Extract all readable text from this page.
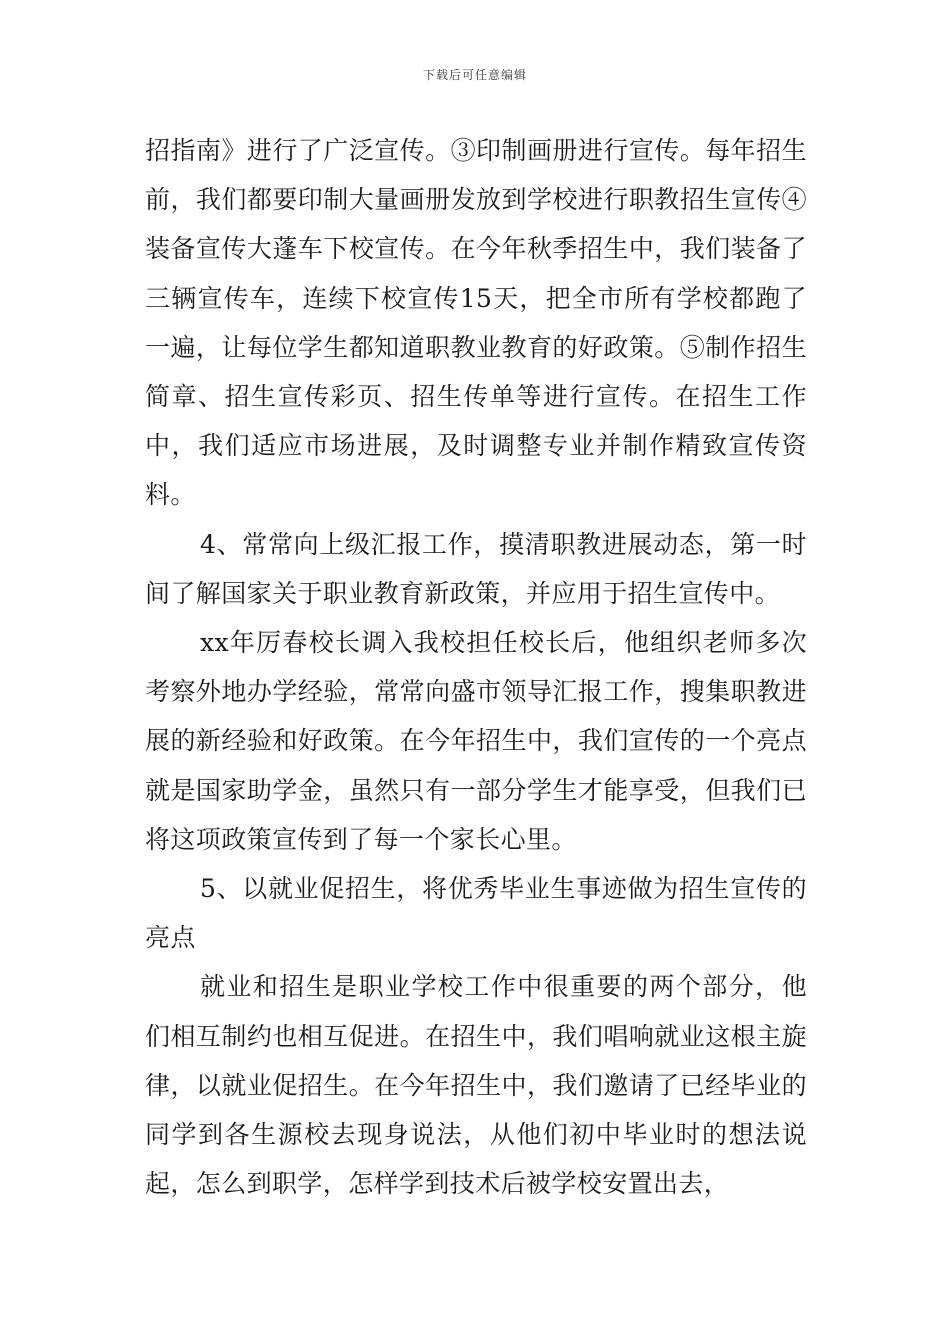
下载后可任意编辑

招指南》进行了广泛宣传。③印制画册进行宣传。每年招生前，我们都要印制大量画册发放到学校进行职教招生宣传④装备宣传大蓬车下校宣传。在今年秋季招生中，我们装备了三辆宣传车，连续下校宣传15天，把全市所有学校都跑了一遍，让每位学生都知道职教业教育的好政策。⑤制作招生简章、招生宣传彩页、招生传单等进行宣传。在招生工作中，我们适应市场进展，及时调整专业并制作精致宣传资料。

4、常常向上级汇报工作，摸清职教进展动态，第一时间了解国家关于职业教育新政策，并应用于招生宣传中。

xx年厉春校长调入我校担任校长后，他组织老师多次考察外地办学经验，常常向盛市领导汇报工作，搜集职教进展的新经验和好政策。在今年招生中，我们宣传的一个亮点就是国家助学金，虽然只有一部分学生才能享受，但我们已将这项政策宣传到了每一个家长心里。

5、以就业促招生，将优秀毕业生事迹做为招生宣传的亮点

就业和招生是职业学校工作中很重要的两个部分，他们相互制约也相互促进。在招生中，我们唱响就业这根主旋律，以就业促招生。在今年招生中，我们邀请了已经毕业的同学到各生源校去现身说法，从他们初中毕业时的想法说起，怎么到职学，怎样学到技术后被学校安置出去，
